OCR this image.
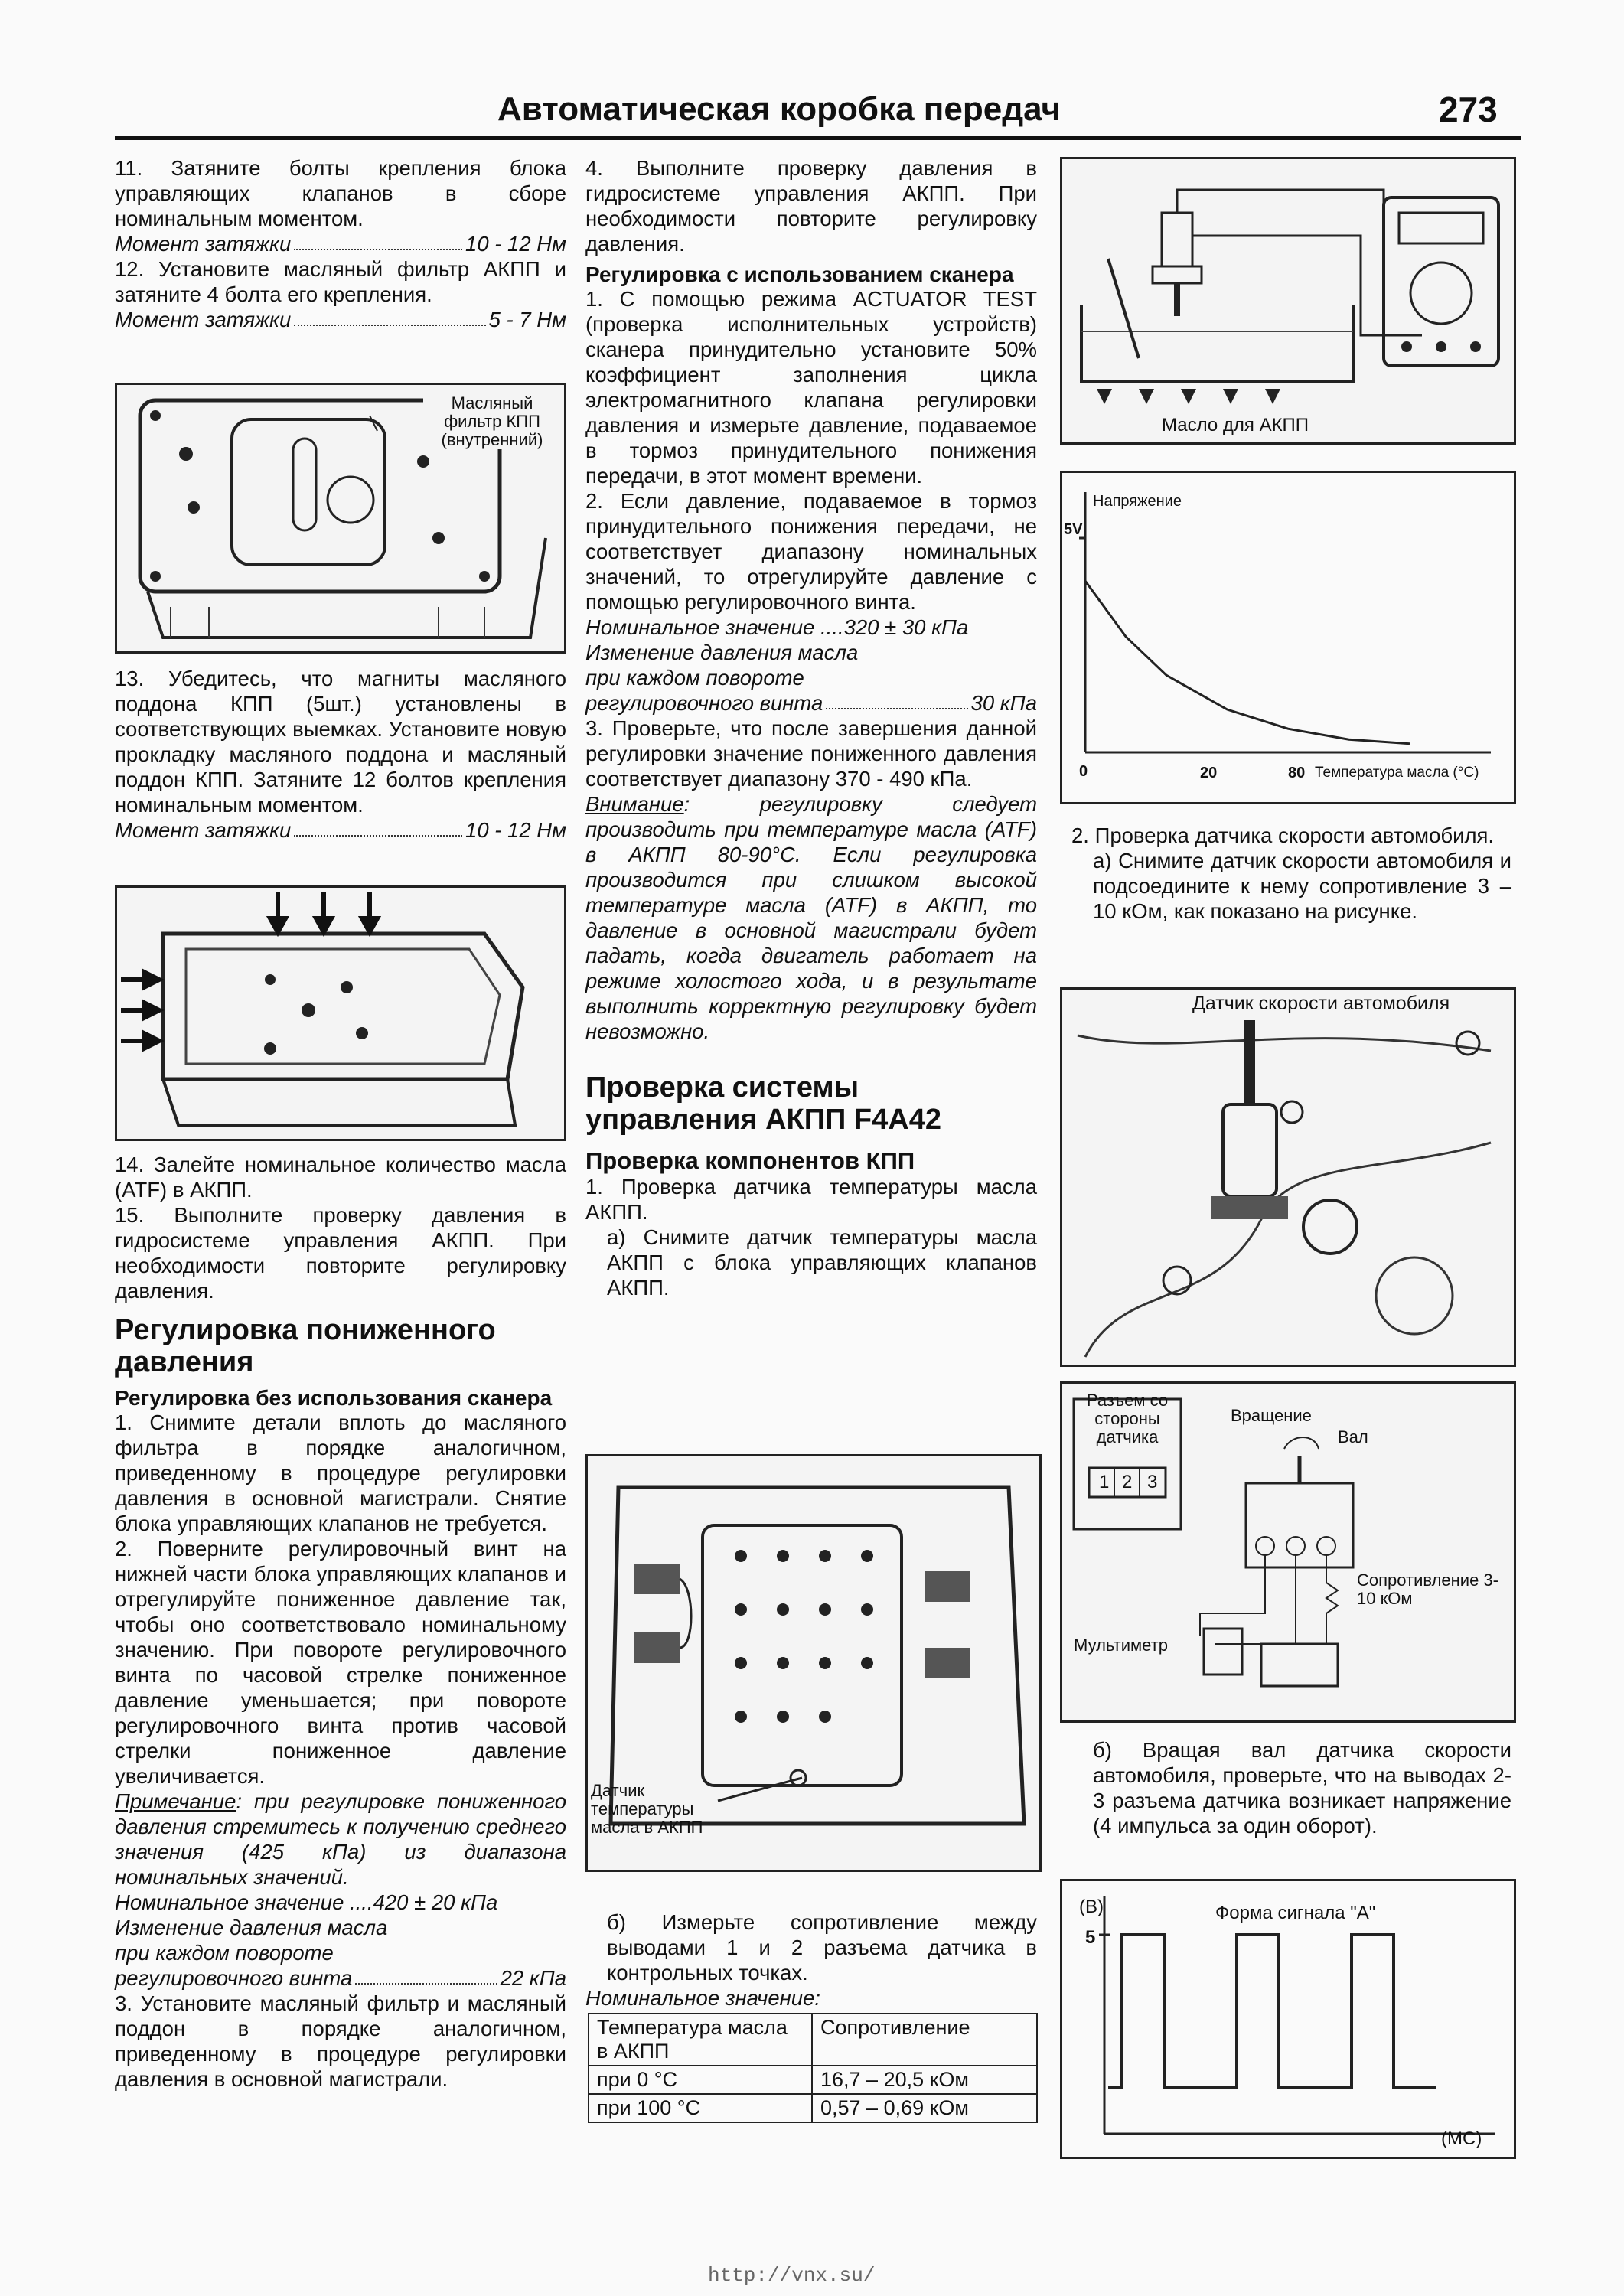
Автоматическая коробка передач	273

11. Затяните болты крепления блока управляющих клапанов в сборе номинальным моментом.

Момент затяжки	10 - 12 Нм

12. Установите масляный фильтр АКПП и затяните 4 болта его крепления.

Момент затяжки	5 - 7 Нм
Масляный фильтр КПП (внутренний)

13. Убедитесь, что магниты масляного поддона КПП (5шт.) установлены в соответствующих выемках. Установите новую прокладку масляного поддона и масляный поддон КПП. Затяните 12 болтов крепления номинальным моментом.

Момент затяжки	10 - 12 Нм

14. Залейте номинальное количество масла (ATF) в АКПП.

15. Выполните проверку давления в гидросистеме управления АКПП. При необходимости повторите регулировку давления.

Регулировка пониженного давления
Регулировка без использования сканера

1. Снимите детали вплоть до масляного фильтра в порядке аналогичном, приведенному в процедуре регулировки давления в основной магистрали. Снятие блока управляющих клапанов не требуется.

2. Поверните регулировочный винт на нижней части блока управляющих клапанов и отрегулируйте пониженное давление так, чтобы оно соответствовало номинальному значению. При повороте регулировочного винта по часовой стрелке пониженное давление уменьшается; при повороте регулировочного винта против часовой стрелки пониженное давление увеличивается.

Примечание: при регулировке пониженного давления стремитесь к получению среднего значения (425 кПа) из диапазона номинальных значений.

Номинальное значение .... 420 ± 20 кПа

Изменение давления масла

при каждом повороте

регулировочного винта	22 кПа

3. Установите масляный фильтр и масляный поддон в порядке аналогичном, приведенному в процедуре регулировки давления в основной магистрали.

4. Выполните проверку давления в гидросистеме управления АКПП. При необходимости повторите регулировку давления.

Регулировка с использованием сканера

1. С помощью режима ACTUATOR TEST (проверка исполнительных устройств) сканера принудительно установите 50% коэффициент заполнения цикла электромагнитного клапана регулировки давления и измерьте давление, подаваемое в тормоз принудительного понижения передачи, в этот момент времени.

2. Если давление, подаваемое в тормоз принудительного понижения передачи, не соответствует диапазону номинальных значений, то отрегулируйте давление с помощью регулировочного винта.

Номинальное значение .... 320 ± 30 кПа

Изменение давления масла

при каждом повороте

регулировочного винта	30 кПа

3. Проверьте, что после завершения данной регулировки значение пониженного давления соответствует диапазону 370 - 490 кПа.

Внимание: регулировку следует производить при температуре масла (ATF) в АКПП 80-90°С. Если регулировка производится при слишком высокой температуре масла (ATF) в АКПП, то давление в основной магистрали будет падать, когда двигатель работает на режиме холостого хода, и в результате выполнить корректную регулировку будет невозможно.

Проверка системы управления АКПП F4A42
Проверка компонентов КПП

1. Проверка датчика температуры масла АКПП.

а) Снимите датчик температуры масла АКПП с блока управляющих клапанов АКПП.

Датчик температуры масла в АКПП

б) Измерьте сопротивление между выводами 1 и 2 разъема датчика в контрольных точках.

Номинальное значение:

Температура масла в АКПП	Сопротивление
при 0 °С	16,7 – 20,5 кОм
при 100 °С	0,57 – 0,69 кОм
Масло для АКПП
Напряжение
5V
0	20	80 Температура масла (°С)

2. Проверка датчика скорости автомобиля.

а) Снимите датчик скорости автомобиля и подсоедините к нему сопротивление 3 – 10 кОм, как показано на рисунке.

Датчик скорости автомобиля
Разъем со стороны датчика
1 2 3
Вращение
Вал
Сопротивление 3-10 кОм
Мультиметр

б) Вращая вал датчика скорости автомобиля, проверьте, что на выводах 2-3 разъема датчика возникает напряжение (4 импульса за один оборот).

(В)	Форма сигнала "А"
5
(МС)
http://vnx.su/
